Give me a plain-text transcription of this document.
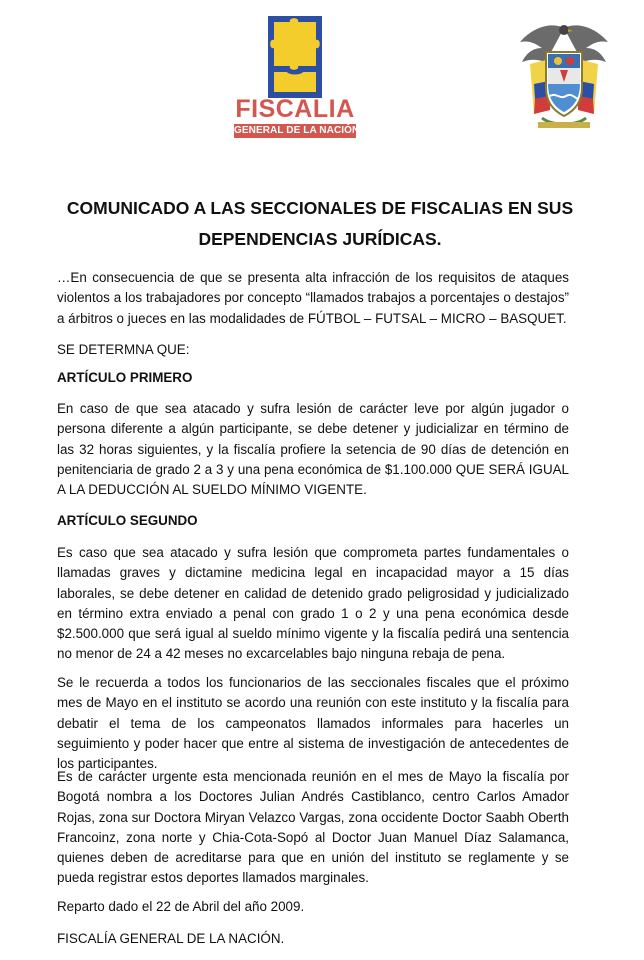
FISCALIA
GENERAL DE LA NACIÓN
COMUNICADO A LAS SECCIONALES DE FISCALIAS EN SUS DEPENDENCIAS JURÍDICAS.

…En consecuencia de que se presenta alta infracción de los requisitos de ataques violentos a los trabajadores por concepto “llamados trabajos a porcentajes o destajos” a árbitros o jueces en las modalidades de FÚTBOL – FUTSAL – MICRO – BASQUET.

SE DETERMNA QUE:

ARTÍCULO PRIMERO

En caso de que sea atacado y sufra lesión de carácter leve por algún jugador o persona diferente a algún participante, se debe detener y judicializar en término de las 32 horas siguientes, y la fiscalía profiere la setencia de 90 días de detención en penitenciaria de grado 2 a 3 y una pena económica de $1.100.000 QUE SERÁ IGUAL A LA DEDUCCIÓN AL SUELDO MÍNIMO VIGENTE.

ARTÍCULO SEGUNDO

Es caso que sea atacado y sufra lesión que comprometa partes fundamentales o llamadas graves y dictamine medicina legal en incapacidad mayor a 15 días laborales, se debe detener en calidad de detenido grado peligrosidad y judicializado en término extra enviado a penal con grado 1 o 2 y una pena económica desde $2.500.000 que será igual al sueldo mínimo vigente y la fiscalía pedirá una sentencia no menor de 24 a 42 meses no excarcelables bajo ninguna rebaja de pena.

Se le recuerda a todos los funcionarios de las seccionales fiscales que el próximo mes de Mayo en el instituto se acordo una reunión con este instituto y la fiscalía para debatir el tema de los campeonatos llamados informales para hacerles un seguimiento y poder hacer que entre al sistema de investigación de antecedentes de los participantes.

Es de carácter urgente esta mencionada reunión en el mes de Mayo la fiscalía por Bogotá nombra a los Doctores Julian Andrés Castiblanco, centro Carlos Amador Rojas, zona sur Doctora Miryan Velazco Vargas, zona occidente Doctor Saabh Oberth Francoinz, zona norte y Chia-Cota-Sopó al Doctor Juan Manuel Díaz Salamanca, quienes deben de acreditarse para que en unión del instituto se reglamente y se pueda registrar estos deportes llamados marginales.

Reparto dado el 22 de Abril del año 2009.

FISCALÍA GENERAL DE LA NACIÓN.
